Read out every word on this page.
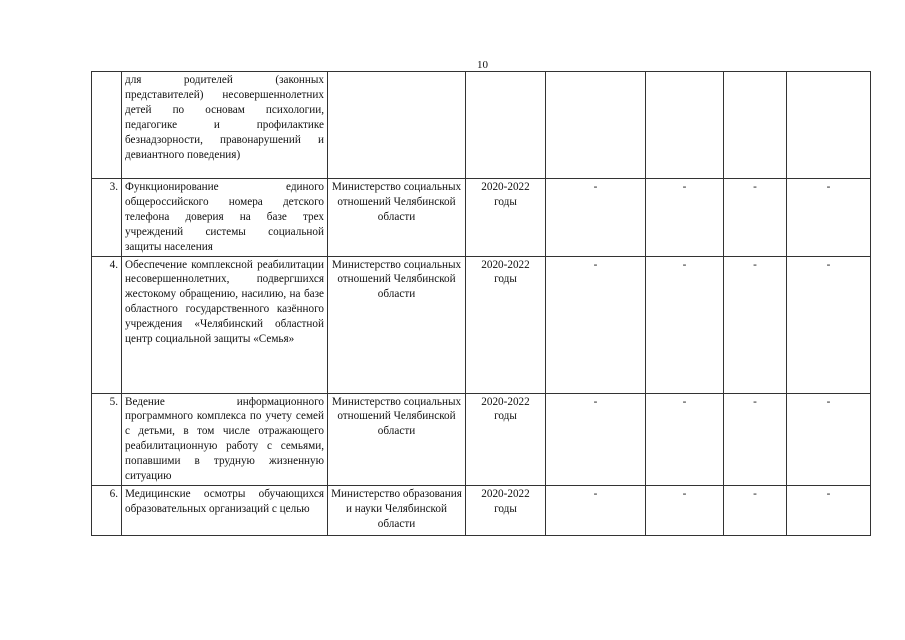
10
	для родителей (законных представителей) несовершеннолетних детей по основам психологии, педагогике и профилактике безнадзорности, правонарушений и девиантного поведения)						
3.	Функционирование единого общероссийского номера детского телефона доверия на базе трех учреждений системы социальной защиты населения	Министерство социальных отношений Челябинской области	2020-2022 годы	-	-	-	-
4.	Обеспечение комплексной реабилитации несовершеннолетних, подвергшихся жестокому обращению, насилию, на базе областного государственного казённого учреждения «Челябинский областной центр социальной защиты «Семья»	Министерство социальных отношений Челябинской области	2020-2022 годы	-	-	-	-
5.	Ведение информационного программного комплекса по учету семей с детьми, в том числе отражающего реабилитационную работу с семьями, попавшими в трудную жизненную ситуацию	Министерство социальных отношений Челябинской области	2020-2022 годы	-	-	-	-
6.	Медицинские осмотры обучающихся образовательных организаций с целью	Министерство образования и науки Челябинской области	2020-2022 годы	-	-	-	-
